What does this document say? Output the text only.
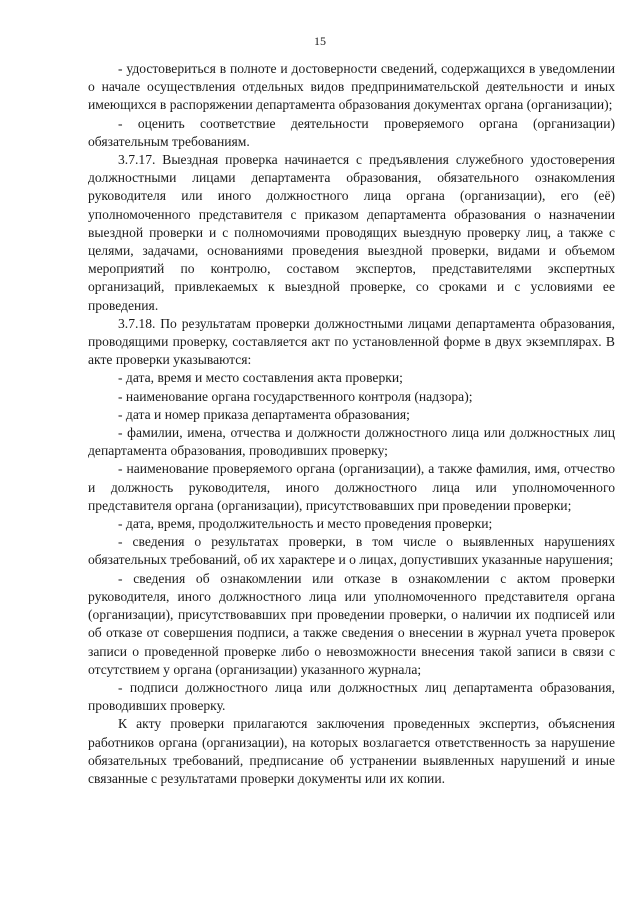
15

- удостовериться в полноте и достоверности сведений, содержащихся в уведомлении о начале осуществления отдельных видов предпринимательской деятельности и иных имеющихся в распоряжении департамента образования документах органа (организации);

- оценить соответствие деятельности проверяемого органа (организации) обязательным требованиям.

3.7.17. Выездная проверка начинается с предъявления служебного удостоверения должностными лицами департамента образования, обязательного ознакомления руководителя или иного должностного лица органа (организации), его (её) уполномоченного представителя с приказом департамента образования о назначении выездной проверки и с полномочиями проводящих выездную проверку лиц, а также с целями, задачами, основаниями проведения выездной проверки, видами и объемом мероприятий по контролю, составом экспертов, представителями экспертных организаций, привлекаемых к выездной проверке, со сроками и с условиями ее проведения.

3.7.18. По результатам проверки должностными лицами департамента образования, проводящими проверку, составляется акт по установленной форме в двух экземплярах. В акте проверки указываются:

- дата, время и место составления акта проверки;

- наименование органа государственного контроля (надзора);

- дата и номер приказа департамента образования;

- фамилии, имена, отчества и должности должностного лица или должностных лиц департамента образования, проводивших проверку;

- наименование проверяемого органа (организации), а также фамилия, имя, отчество и должность руководителя, иного должностного лица или уполномоченного представителя органа (организации), присутствовавших при проведении проверки;

- дата, время, продолжительность и место проведения проверки;

- сведения о результатах проверки, в том числе о выявленных нарушениях обязательных требований, об их характере и о лицах, допустивших указанные нарушения;

- сведения об ознакомлении или отказе в ознакомлении с актом проверки руководителя, иного должностного лица или уполномоченного представителя органа (организации), присутствовавших при проведении проверки, о наличии их подписей или об отказе от совершения подписи, а также сведения о внесении в журнал учета проверок записи о проведенной проверке либо о невозможности внесения такой записи в связи с отсутствием у органа (организации) указанного журнала;

- подписи должностного лица или должностных лиц департамента образования, проводивших проверку.

К акту проверки прилагаются заключения проведенных экспертиз, объяснения работников органа (организации), на которых возлагается ответственность за нарушение обязательных требований, предписание об устранении выявленных нарушений и иные связанные с результатами проверки документы или их копии.
